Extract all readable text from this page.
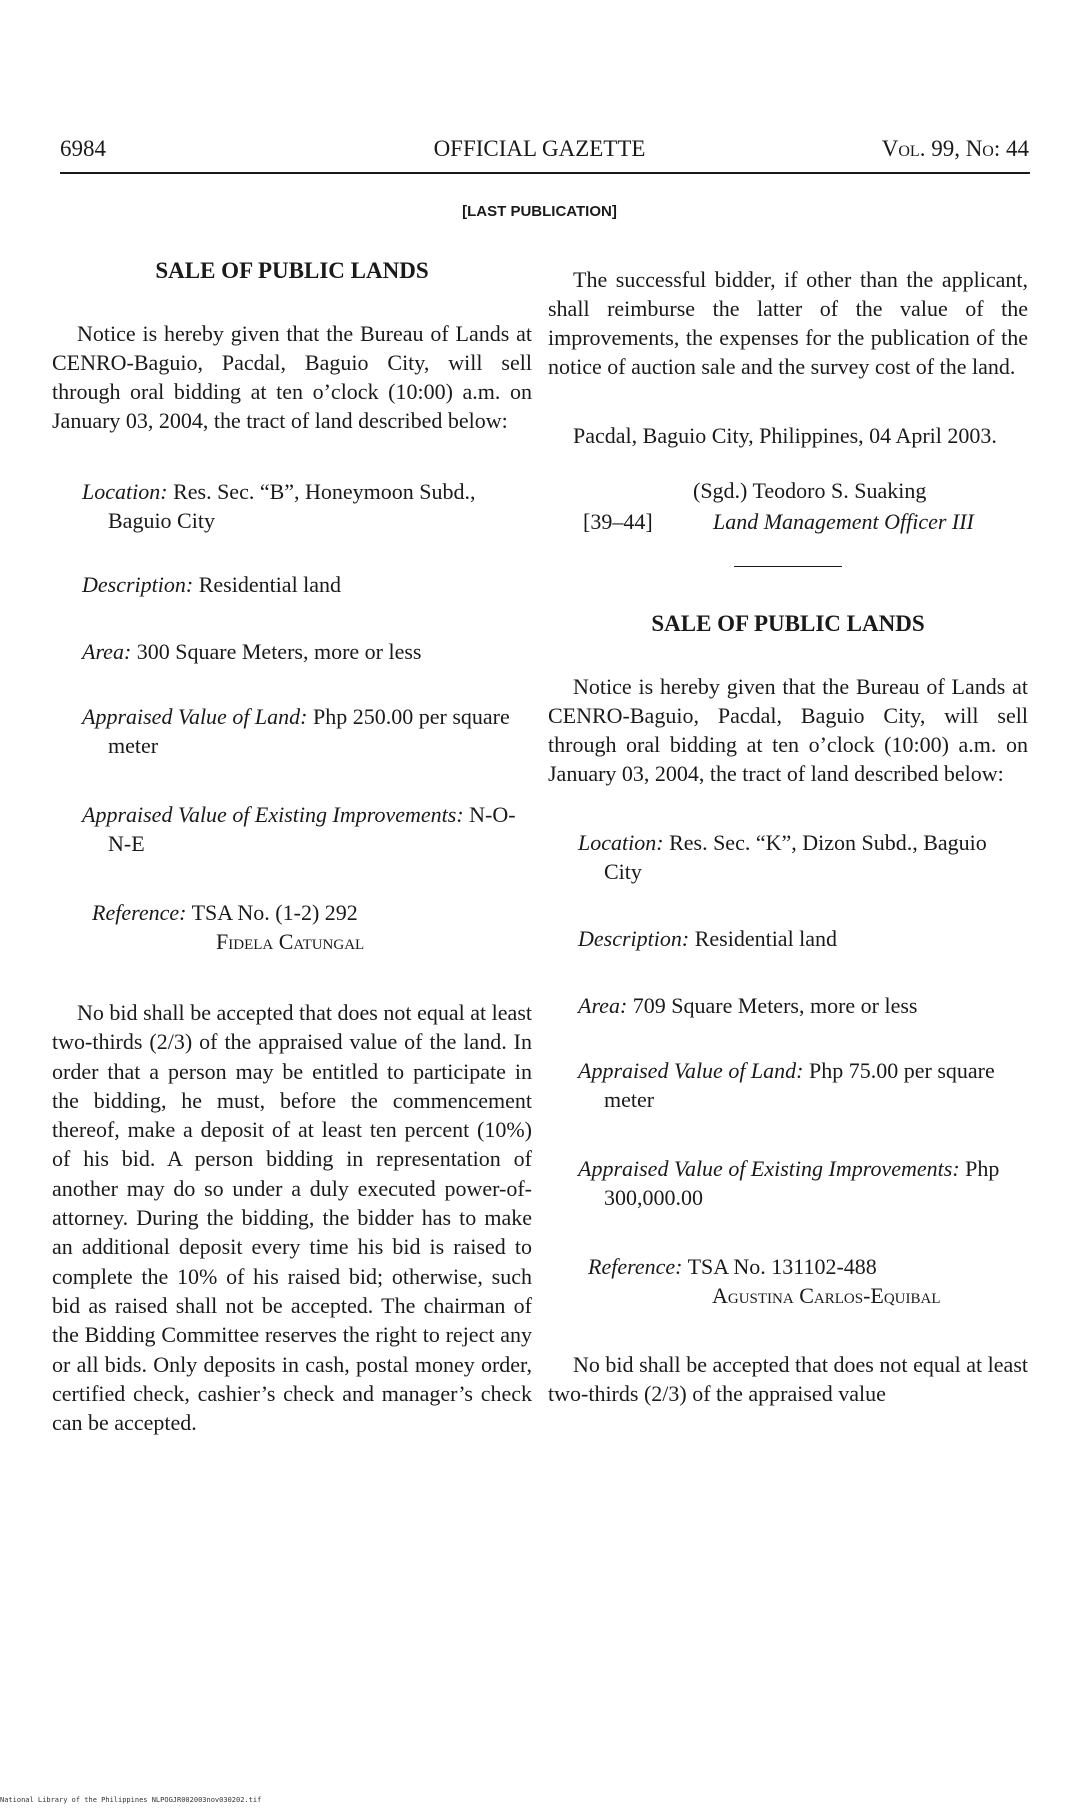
6984	OFFICIAL GAZETTE	Vol. 99, No: 44
[LAST PUBLICATION]
SALE OF PUBLIC LANDS

Notice is hereby given that the Bureau of Lands at CENRO-Baguio, Pacdal, Baguio City, will sell through oral bidding at ten o’clock (10:00) a.m. on January 03, 2004, the tract of land described below:

Location: Res. Sec. “B”, Honeymoon Subd., Baguio City

Description: Residential land

Area: 300 Square Meters, more or less

Appraised Value of Land: Php 250.00 per square meter

Appraised Value of Existing Improvements: N-O-N-E

Reference: TSA No. (1-2) 292
Fidela Catungal

No bid shall be accepted that does not equal at least two-thirds (2/3) of the appraised value of the land. In order that a person may be entitled to participate in the bidding, he must, before the commencement thereof, make a deposit of at least ten percent (10%) of his bid. A person bidding in representation of another may do so under a duly executed power-of-attorney. During the bidding, the bidder has to make an additional deposit every time his bid is raised to complete the 10% of his raised bid; otherwise, such bid as raised shall not be accepted. The chairman of the Bidding Committee reserves the right to reject any or all bids. Only deposits in cash, postal money order, certified check, cashier’s check and manager’s check can be accepted.

The successful bidder, if other than the applicant, shall reimburse the latter of the value of the improvements, the expenses for the publication of the notice of auction sale and the survey cost of the land.

Pacdal, Baguio City, Philippines, 04 April 2003.

(Sgd.) Teodoro S. Suaking
[39–44]	Land Management Officer III
SALE OF PUBLIC LANDS

Notice is hereby given that the Bureau of Lands at CENRO-Baguio, Pacdal, Baguio City, will sell through oral bidding at ten o’clock (10:00) a.m. on January 03, 2004, the tract of land described below:

Location: Res. Sec. “K”, Dizon Subd., Baguio City

Description: Residential land

Area: 709 Square Meters, more or less

Appraised Value of Land: Php 75.00 per square meter

Appraised Value of Existing Improvements: Php 300,000.00

Reference: TSA No. 131102-488
Agustina Carlos-Equibal

No bid shall be accepted that does not equal at least two-thirds (2/3) of the appraised value

National Library of the Philippines NLPOGJR002003nov030202.tif
